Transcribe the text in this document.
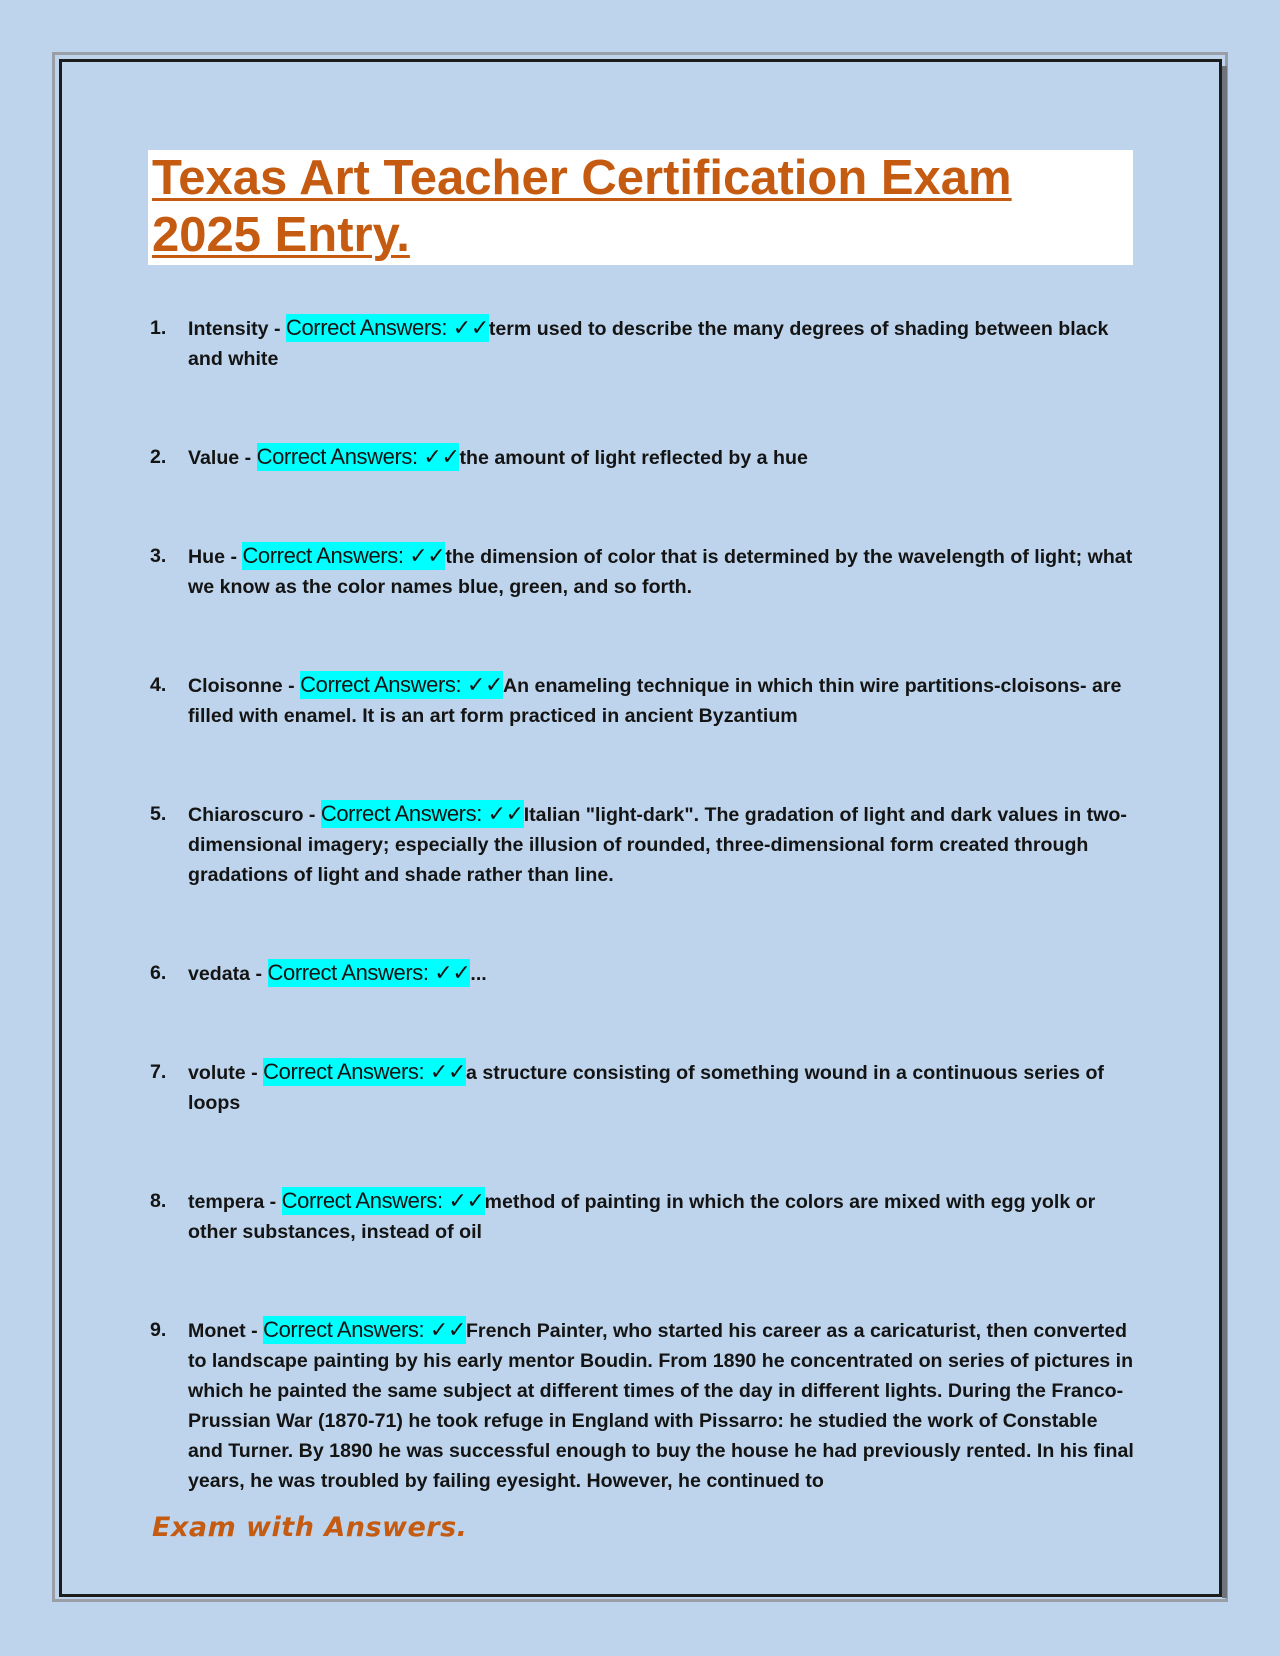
Texas Art Teacher Certification Exam 2025 Entry.
1. Intensity - Correct Answers: ✓✓term used to describe the many degrees of shading between black and white
2. Value - Correct Answers: ✓✓the amount of light reflected by a hue
3. Hue - Correct Answers: ✓✓the dimension of color that is determined by the wavelength of light; what we know as the color names blue, green, and so forth.
4. Cloisonne - Correct Answers: ✓✓An enameling technique in which thin wire partitions-cloisons- are filled with enamel. It is an art form practiced in ancient Byzantium
5. Chiaroscuro - Correct Answers: ✓✓Italian "light-dark". The gradation of light and dark values in two-dimensional imagery; especially the illusion of rounded, three-dimensional form created through gradations of light and shade rather than line.
6. vedata - Correct Answers: ✓✓...
7. volute - Correct Answers: ✓✓a structure consisting of something wound in a continuous series of loops
8. tempera - Correct Answers: ✓✓method of painting in which the colors are mixed with egg yolk or other substances, instead of oil
9. Monet - Correct Answers: ✓✓French Painter, who started his career as a caricaturist, then converted to landscape painting by his early mentor Boudin. From 1890 he concentrated on series of pictures in which he painted the same subject at different times of the day in different lights. During the Franco-Prussian War (1870-71) he took refuge in England with Pissarro: he studied the work of Constable and Turner. By 1890 he was successful enough to buy the house he had previously rented. In his final years, he was troubled by failing eyesight. However, he continued to
Exam with Answers.
